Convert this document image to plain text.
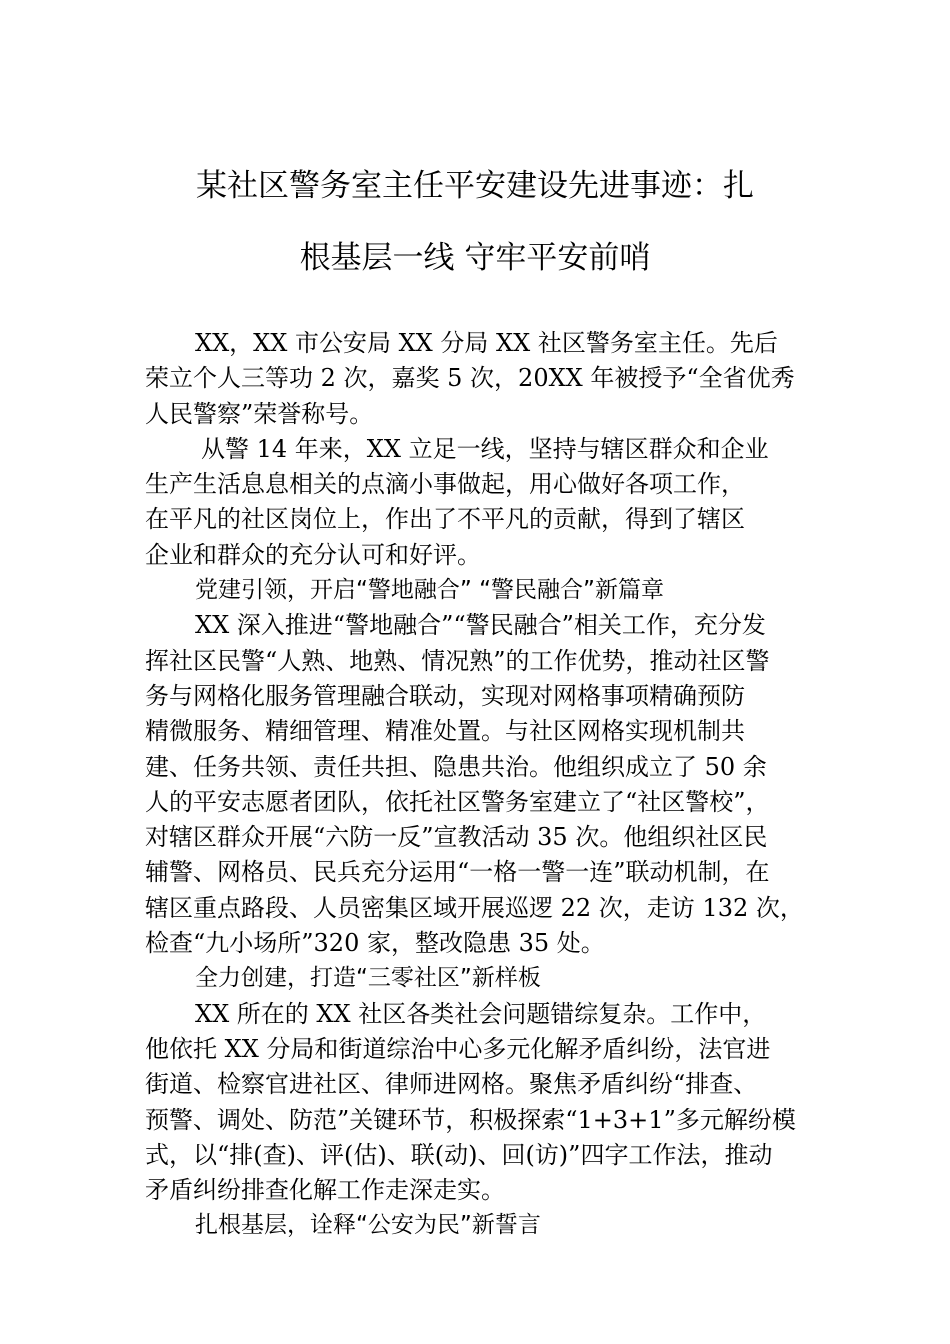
某社区警务室主任平安建设先进事迹：扎
根基层一线 守牢平安前哨
XX，XX 市公安局 XX 分局 XX 社区警务室主任。先后
荣立个人三等功 2 次，嘉奖 5 次，20XX 年被授予“全省优秀
人民警察”荣誉称号。
从警 14 年来，XX 立足一线，坚持与辖区群众和企业
生产生活息息相关的点滴小事做起，用心做好各项工作，
在平凡的社区岗位上，作出了不平凡的贡献，得到了辖区
企业和群众的充分认可和好评。
党建引领，开启“警地融合” “警民融合”新篇章
XX 深入推进“警地融合”“警民融合”相关工作，充分发
挥社区民警“人熟、地熟、情况熟”的工作优势，推动社区警
务与网格化服务管理融合联动，实现对网格事项精确预防
精微服务、精细管理、精准处置。与社区网格实现机制共
建、任务共领、责任共担、隐患共治。他组织成立了 50 余
人的平安志愿者团队，依托社区警务室建立了“社区警校”，
对辖区群众开展“六防一反”宣教活动 35 次。他组织社区民
辅警、网格员、民兵充分运用“一格一警一连”联动机制，在
辖区重点路段、人员密集区域开展巡逻 22 次，走访 132 次，
检查“九小场所”320 家，整改隐患 35 处。
全力创建，打造“三零社区”新样板
XX 所在的 XX 社区各类社会问题错综复杂。工作中，
他依托 XX 分局和街道综治中心多元化解矛盾纠纷，法官进
街道、检察官进社区、律师进网格。聚焦矛盾纠纷“排查、
预警、调处、防范”关键环节，积极探索“1+3+1”多元解纷模
式，以“排(查)、评(估)、联(动)、回(访)”四字工作法，推动
矛盾纠纷排查化解工作走深走实。
扎根基层，诠释“公安为民”新誓言
